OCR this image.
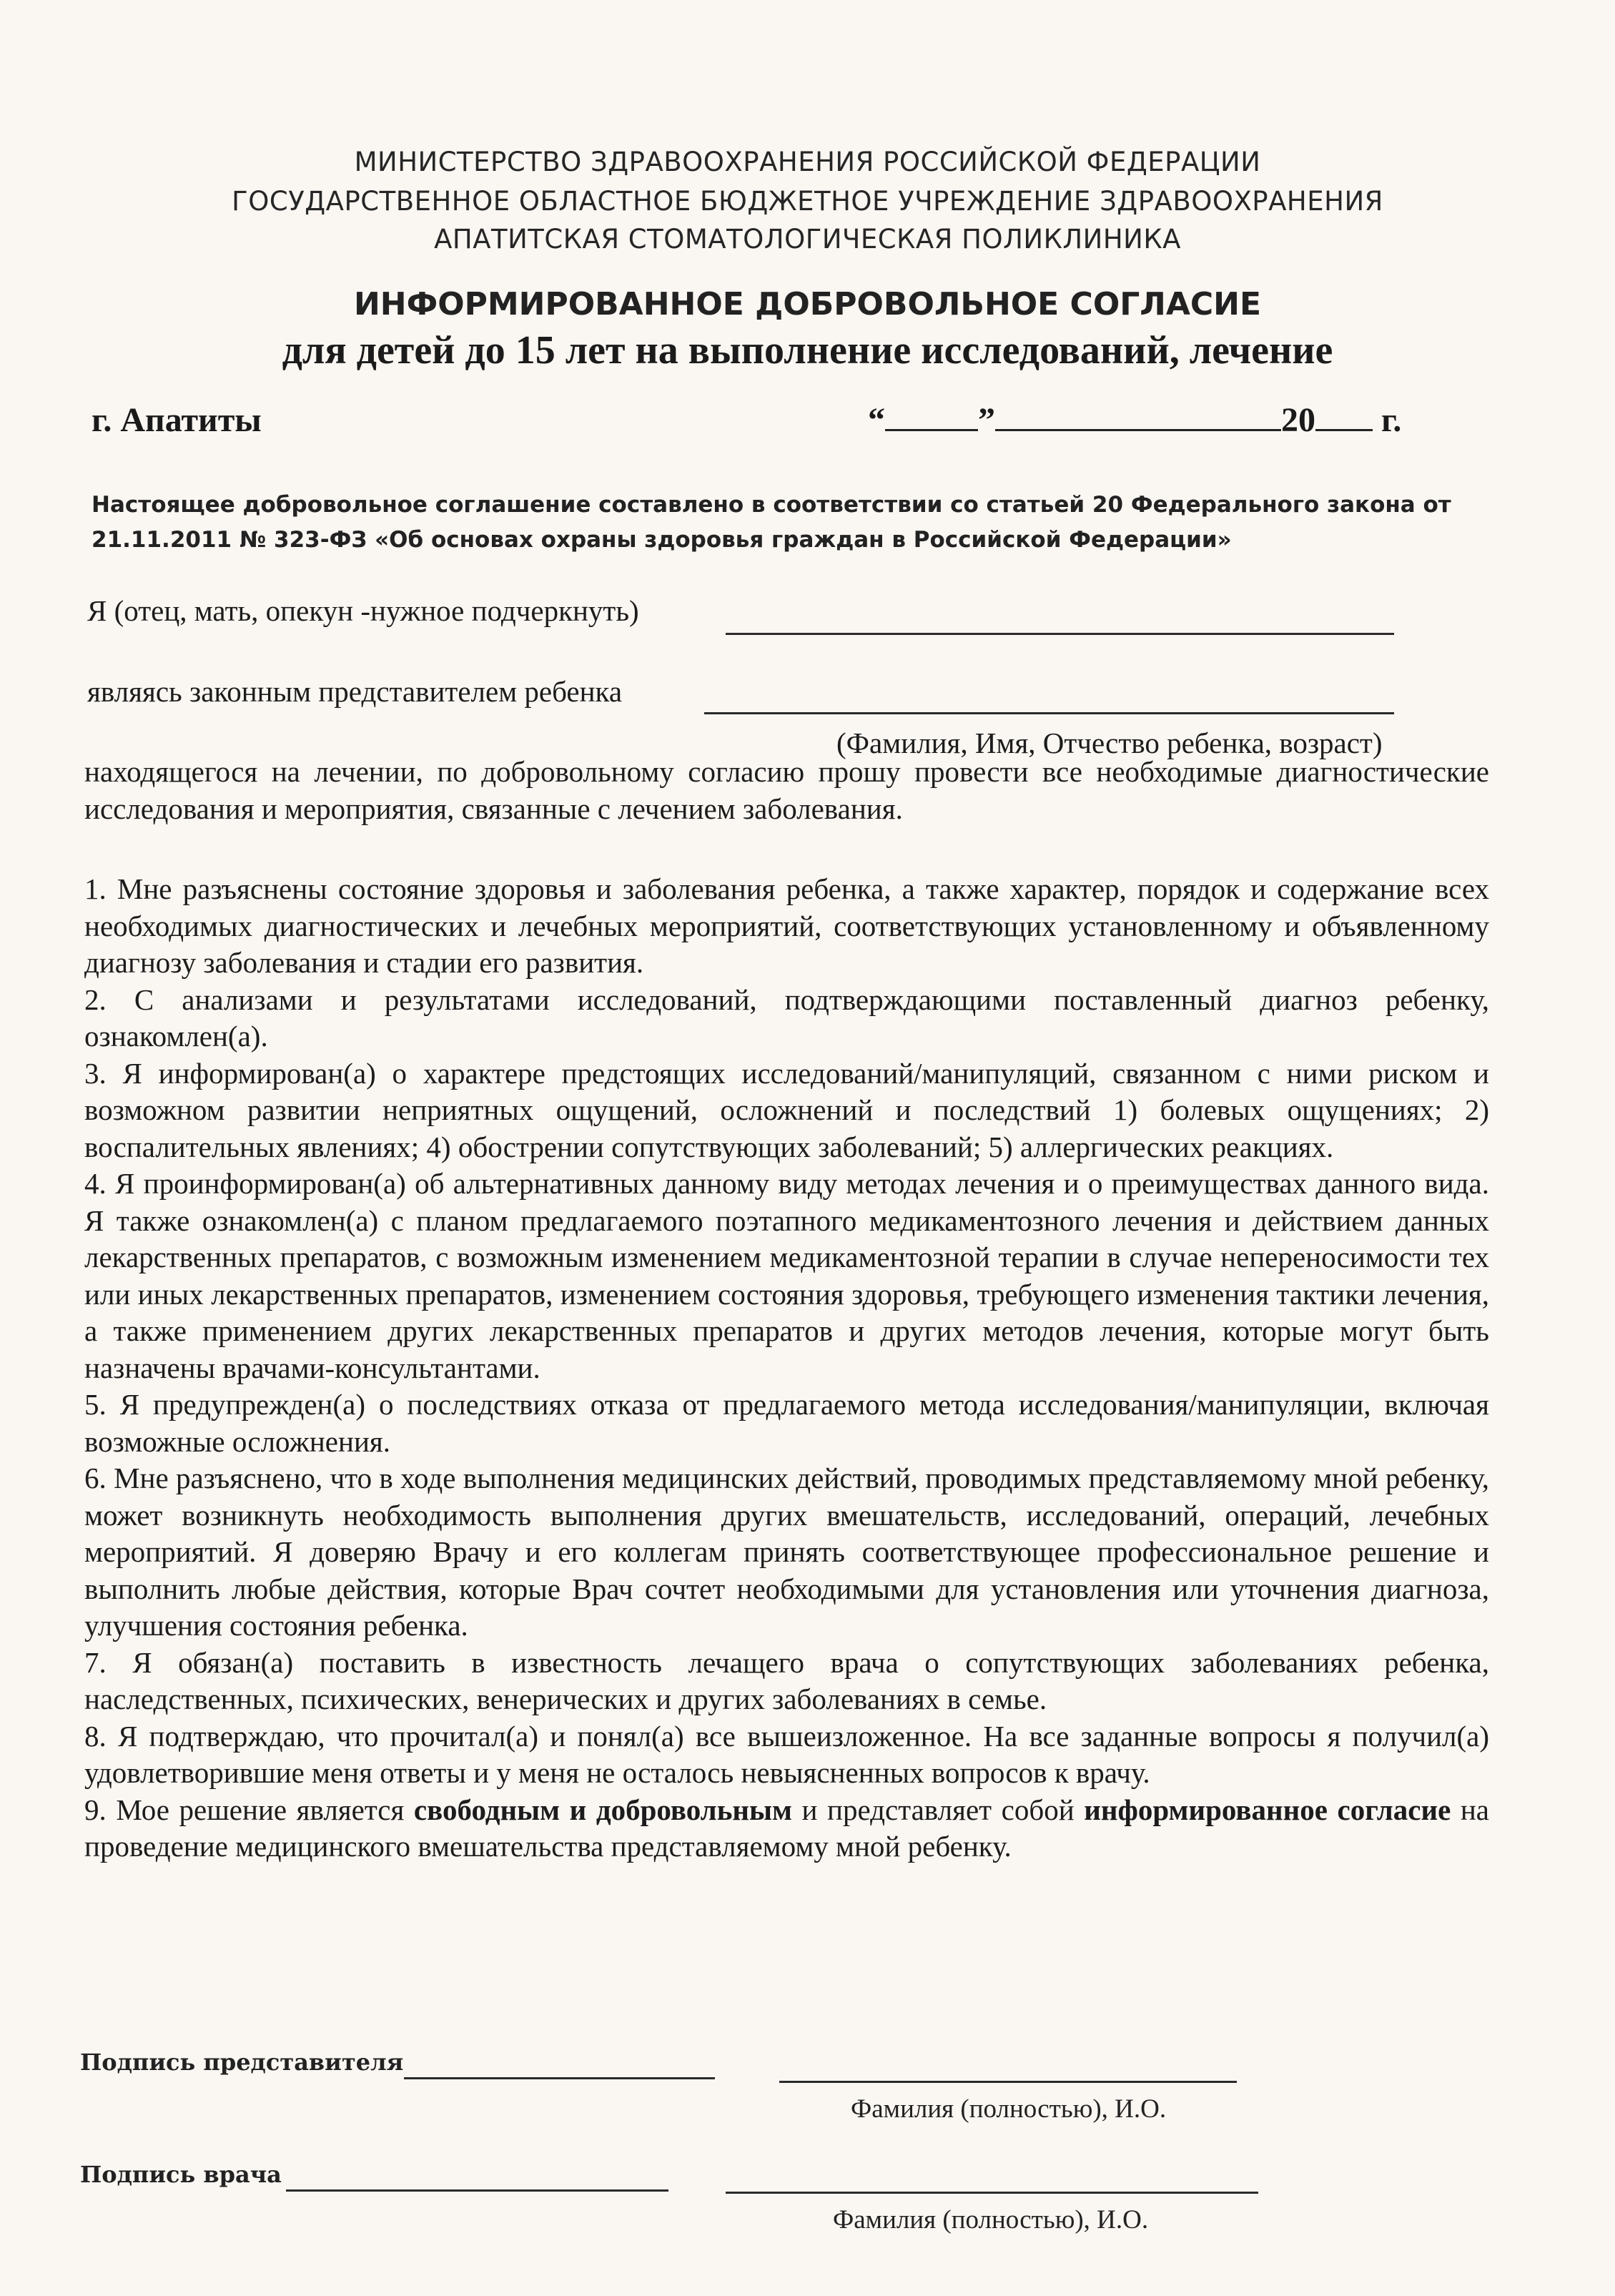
МИНИСТЕРСТВО ЗДРАВООХРАНЕНИЯ РОССИЙСКОЙ ФЕДЕРАЦИИ
ГОСУДАРСТВЕННОЕ ОБЛАСТНОЕ БЮДЖЕТНОЕ УЧРЕЖДЕНИЕ ЗДРАВООХРАНЕНИЯ
АПАТИТСКАЯ СТОМАТОЛОГИЧЕСКАЯ ПОЛИКЛИНИКА
ИНФОРМИРОВАННОЕ ДОБРОВОЛЬНОЕ СОГЛАСИЕ
для детей до 15 лет на выполнение исследований, лечение
г. Апатиты	“	”	20 г.
Настоящее добровольное соглашение составлено в соответствии со статьей 20 Федерального закона от
21.11.2011 № 323-ФЗ «Об основах охраны здоровья граждан в Российской Федерации»
Я (отец, мать, опекун -нужное подчеркнуть)
являясь законным представителем ребенка
(Фамилия, Имя, Отчество ребенка, возраст)
находящегося на лечении, по добровольному согласию прошу провести все необходимые диагностические исследования и мероприятия, связанные с лечением заболевания.
1. Мне разъяснены состояние здоровья и заболевания ребенка, а также характер, порядок и содержание всех необходимых диагностических и лечебных мероприятий, соответствующих установленному и объявленному диагнозу заболевания и стадии его развития.
2. С анализами и результатами исследований, подтверждающими поставленный диагноз ребенку, ознакомлен(а).
3. Я информирован(а) о характере предстоящих исследований/манипуляций, связанном с ними риском и возможном развитии неприятных ощущений, осложнений и последствий 1) болевых ощущениях; 2) воспалительных явлениях; 4) обострении сопутствующих заболеваний; 5) аллергических реакциях.
4. Я проинформирован(а) об альтернативных данному виду методах лечения и о преимуществах данного вида. Я также ознакомлен(а) с планом предлагаемого поэтапного медикаментозного лечения и действием данных лекарственных препаратов, с возможным изменением медикаментозной терапии в случае непереносимости тех или иных лекарственных препаратов, изменением состояния здоровья, требующего изменения тактики лечения, а также применением других лекарственных препаратов и других методов лечения, которые могут быть назначены врачами-консультантами.
5. Я предупрежден(а) о последствиях отказа от предлагаемого метода исследования/манипуляции, включая возможные осложнения.
6. Мне разъяснено, что в ходе выполнения медицинских действий, проводимых представляемому мной ребенку, может возникнуть необходимость выполнения других вмешательств, исследований, операций, лечебных мероприятий. Я доверяю Врачу и его коллегам принять соответствующее профессиональное решение и выполнить любые действия, которые Врач сочтет необходимыми для установления или уточнения диагноза, улучшения состояния ребенка.
7. Я обязан(а) поставить в известность лечащего врача о сопутствующих заболеваниях ребенка, наследственных, психических, венерических и других заболеваниях в семье.
8. Я подтверждаю, что прочитал(а) и понял(а) все вышеизложенное. На все заданные вопросы я получил(а) удовлетворившие меня ответы и у меня не осталось невыясненных вопросов к врачу.
9. Мое решение является свободным и добровольным и представляет собой информированное согласие на проведение медицинского вмешательства представляемому мной ребенку.
Подпись представителя
Фамилия (полностью), И.О.
Подпись врача
Фамилия (полностью), И.О.
